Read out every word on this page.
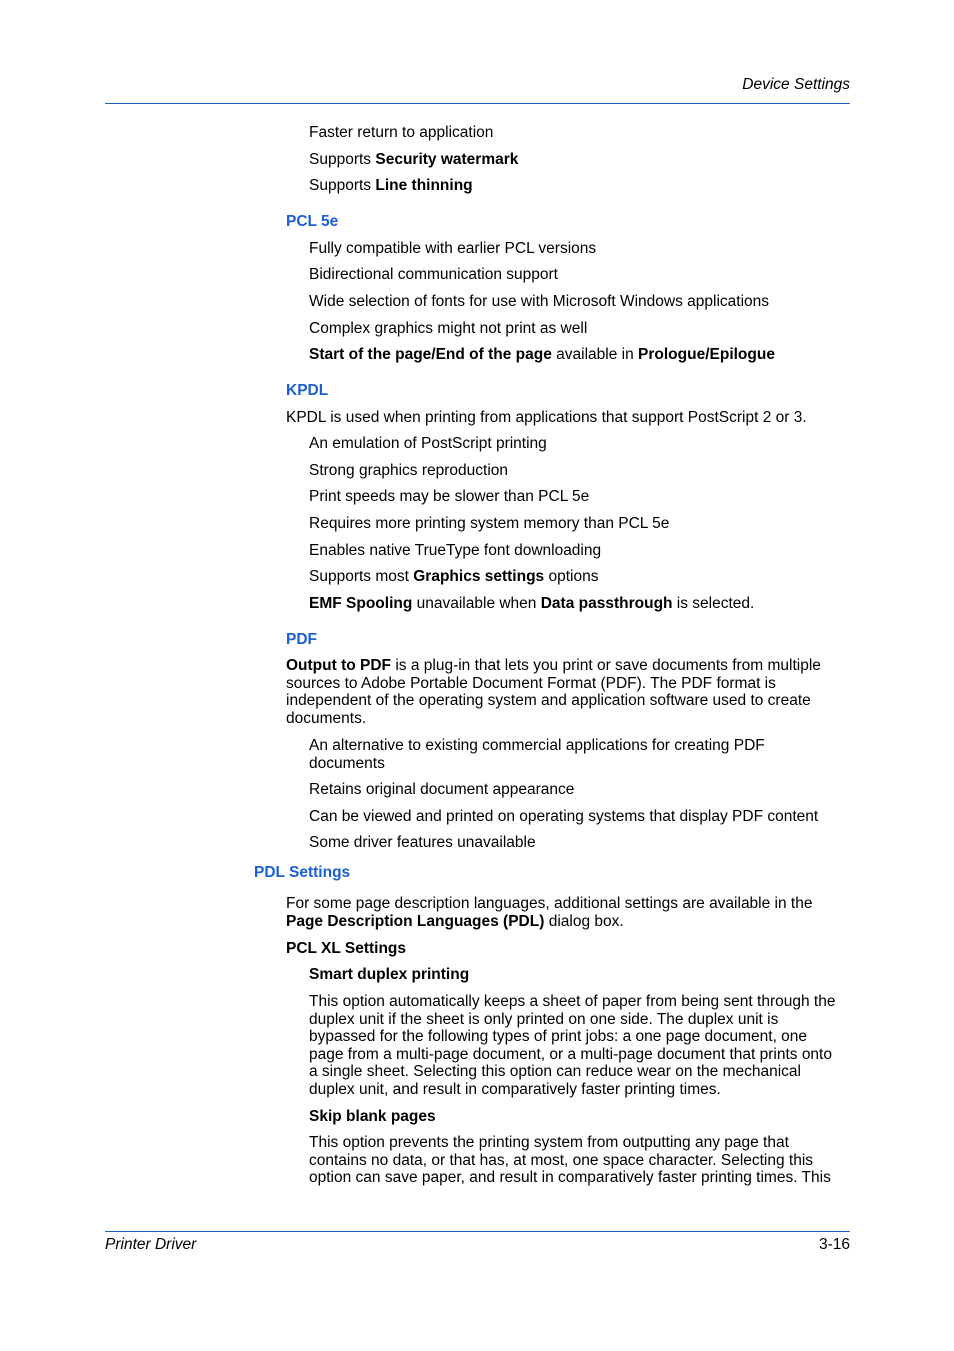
Device Settings
Faster return to application
Supports Security watermark
Supports Line thinning
PCL 5e
Fully compatible with earlier PCL versions
Bidirectional communication support
Wide selection of fonts for use with Microsoft Windows applications
Complex graphics might not print as well
Start of the page/End of the page available in Prologue/Epilogue
KPDL
KPDL is used when printing from applications that support PostScript 2 or 3.
An emulation of PostScript printing
Strong graphics reproduction
Print speeds may be slower than PCL 5e
Requires more printing system memory than PCL 5e
Enables native TrueType font downloading
Supports most Graphics settings options
EMF Spooling unavailable when Data passthrough is selected.
PDF
Output to PDF is a plug-in that lets you print or save documents from multiple
sources to Adobe Portable Document Format (PDF). The PDF format is
independent of the operating system and application software used to create
documents.
An alternative to existing commercial applications for creating PDF
documents
Retains original document appearance
Can be viewed and printed on operating systems that display PDF content
Some driver features unavailable
PDL Settings
For some page description languages, additional settings are available in the
Page Description Languages (PDL) dialog box.
PCL XL Settings
Smart duplex printing
This option automatically keeps a sheet of paper from being sent through the
duplex unit if the sheet is only printed on one side. The duplex unit is
bypassed for the following types of print jobs: a one page document, one
page from a multi-page document, or a multi-page document that prints onto
a single sheet. Selecting this option can reduce wear on the mechanical
duplex unit, and result in comparatively faster printing times.
Skip blank pages
This option prevents the printing system from outputting any page that
contains no data, or that has, at most, one space character. Selecting this
option can save paper, and result in comparatively faster printing times. This
Printer Driver	3-16
